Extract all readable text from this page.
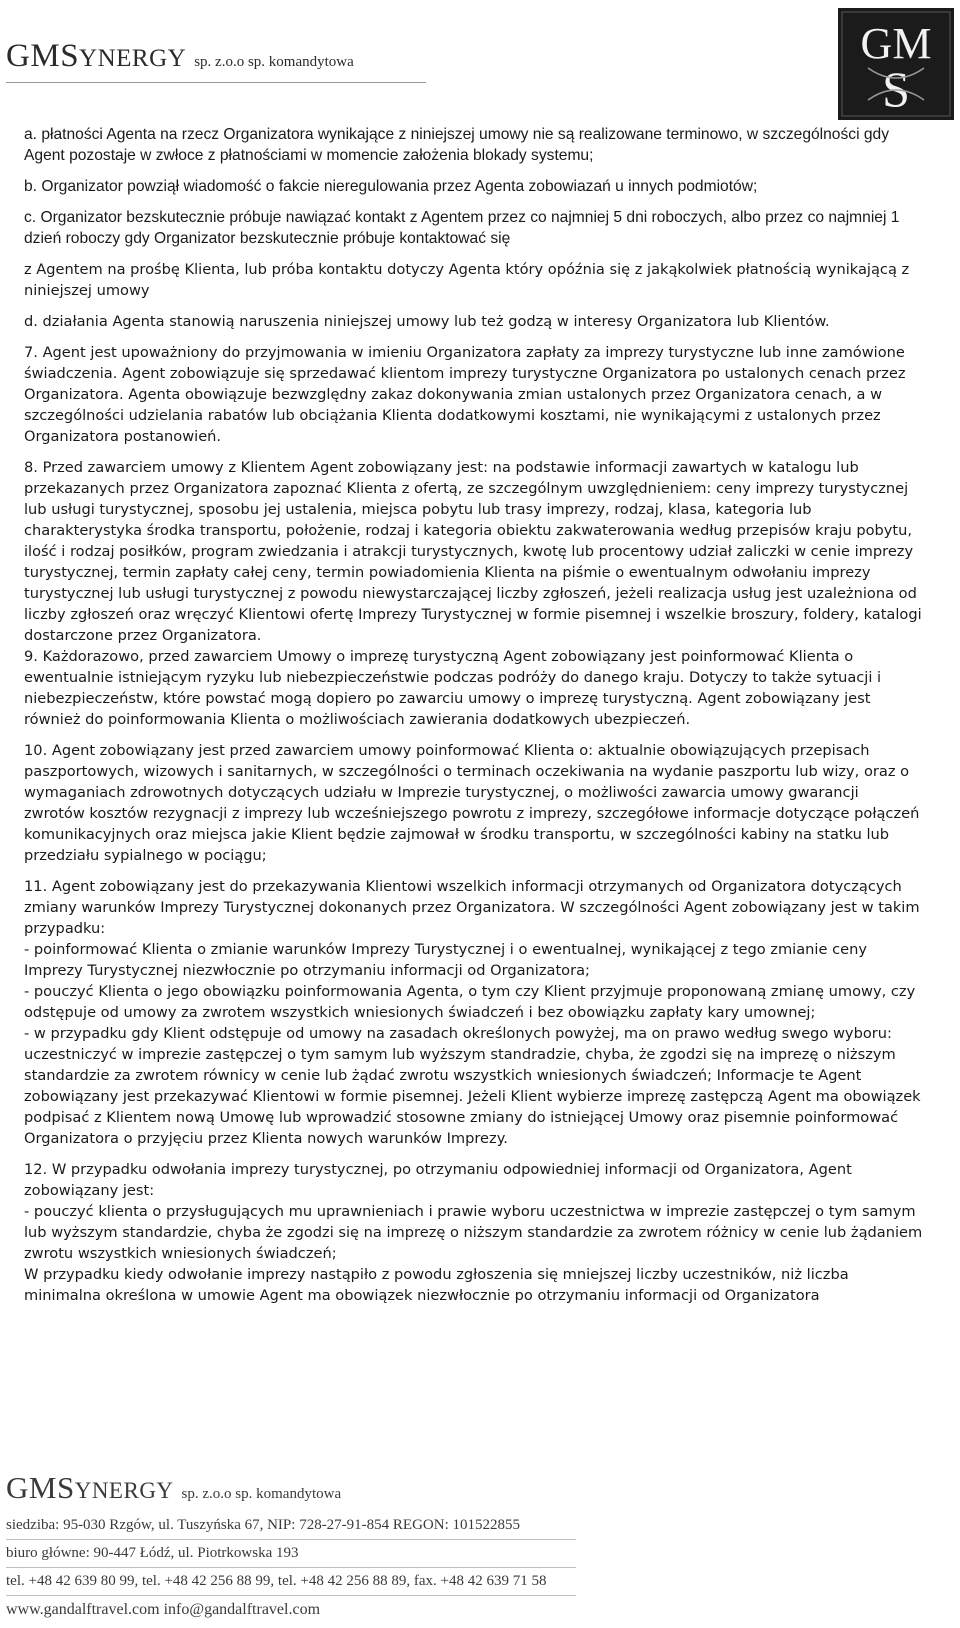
GMSYNERGY sp. z.o.o sp. komandytowa	GM
S

a. płatności Agenta na rzecz Organizatora wynikające z niniejszej umowy nie są realizowane terminowo, w szczególności gdy Agent pozostaje w zwłoce z płatnościami w momencie założenia blokady systemu;

b. Organizator powziął wiadomość o fakcie nieregulowania przez Agenta zobowiazań u innych podmiotów;

c. Organizator bezskutecznie próbuje nawiązać kontakt z Agentem przez co najmniej 5 dni roboczych, albo przez co najmniej 1 dzień roboczy gdy Organizator bezskutecznie próbuje kontaktować się

z Agentem na prośbę Klienta, lub próba kontaktu dotyczy Agenta który opóźnia się z jakąkolwiek płatnością wynikającą z niniejszej umowy

d. działania Agenta stanowią naruszenia niniejszej umowy lub też godzą w interesy Organizatora lub Klientów.

7. Agent jest upoważniony do przyjmowania w imieniu Organizatora zapłaty za imprezy turystyczne lub inne zamówione świadczenia. Agent zobowiązuje się sprzedawać klientom imprezy turystyczne Organizatora po ustalonych cenach przez Organizatora. Agenta obowiązuje bezwzględny zakaz dokonywania zmian ustalonych przez Organizatora cenach, a w szczególności udzielania rabatów lub obciążania Klienta dodatkowymi kosztami, nie wynikającymi z ustalonych przez Organizatora postanowień.

8. Przed zawarciem umowy z Klientem Agent zobowiązany jest: na podstawie informacji zawartych w katalogu lub przekazanych przez Organizatora zapoznać Klienta z ofertą, ze szczególnym uwzględnieniem: ceny imprezy turystycznej lub usługi turystycznej, sposobu jej ustalenia, miejsca pobytu lub trasy imprezy, rodzaj, klasa, kategoria lub charakterystyka środka transportu, położenie, rodzaj i kategoria obiektu zakwaterowania według przepisów kraju pobytu, ilość i rodzaj posiłków, program zwiedzania i atrakcji turystycznych, kwotę lub procentowy udział zaliczki w cenie imprezy turystycznej, termin zapłaty całej ceny, termin powiadomienia Klienta na piśmie o ewentualnym odwołaniu imprezy turystycznej lub usługi turystycznej z powodu niewystarczającej liczby zgłoszeń, jeżeli realizacja usług jest uzależniona od liczby zgłoszeń oraz wręczyć Klientowi ofertę Imprezy Turystycznej w formie pisemnej i wszelkie broszury, foldery, katalogi dostarczone przez Organizatora.

9. Każdorazowo, przed zawarciem Umowy o imprezę turystyczną Agent zobowiązany jest poinformować Klienta o ewentualnie istniejącym ryzyku lub niebezpieczeństwie podczas podróży do danego kraju. Dotyczy to także sytuacji i niebezpieczeństw, które powstać mogą dopiero po zawarciu umowy o imprezę turystyczną. Agent zobowiązany jest również do poinformowania Klienta o możliwościach zawierania dodatkowych ubezpieczeń.

10. Agent zobowiązany jest przed zawarciem umowy poinformować Klienta o: aktualnie obowiązujących przepisach paszportowych, wizowych i sanitarnych, w szczególności o terminach oczekiwania na wydanie paszportu lub wizy, oraz o wymaganiach zdrowotnych dotyczących udziału w Imprezie turystycznej, o możliwości zawarcia umowy gwarancji zwrotów kosztów rezygnacji z imprezy lub wcześniejszego powrotu z imprezy, szczegółowe informacje dotyczące połączeń komunikacyjnych oraz miejsca jakie Klient będzie zajmował w środku transportu, w szczególności kabiny na statku lub przedziału sypialnego w pociągu;

11. Agent zobowiązany jest do przekazywania Klientowi wszelkich informacji otrzymanych od Organizatora dotyczących zmiany warunków Imprezy Turystycznej dokonanych przez Organizatora. W szczególności Agent zobowiązany jest w takim przypadku:

- poinformować Klienta o zmianie warunków Imprezy Turystycznej i o ewentualnej, wynikającej z tego zmianie ceny Imprezy Turystycznej niezwłocznie po otrzymaniu informacji od Organizatora;

- pouczyć Klienta o jego obowiązku poinformowania Agenta, o tym czy Klient przyjmuje proponowaną zmianę umowy, czy odstępuje od umowy za zwrotem wszystkich wniesionych świadczeń i bez obowiązku zapłaty kary umownej;

- w przypadku gdy Klient odstępuje od umowy na zasadach określonych powyżej, ma on prawo według swego wyboru: uczestniczyć w imprezie zastępczej o tym samym lub wyższym standradzie, chyba, że zgodzi się na imprezę o niższym standardzie za zwrotem równicy w cenie lub żądać zwrotu wszystkich wniesionych świadczeń; Informacje te Agent zobowiązany jest przekazywać Klientowi w formie pisemnej. Jeżeli Klient wybierze imprezę zastępczą Agent ma obowiązek podpisać z Klientem nową Umowę lub wprowadzić stosowne zmiany do istniejącej Umowy oraz pisemnie poinformować Organizatora o przyjęciu przez Klienta nowych warunków Imprezy.

12. W przypadku odwołania imprezy turystycznej, po otrzymaniu odpowiedniej informacji od Organizatora, Agent zobowiązany jest:

- pouczyć klienta o przysługujących mu uprawnieniach i prawie wyboru uczestnictwa w imprezie zastępczej o tym samym lub wyższym standardzie, chyba że zgodzi się na imprezę o niższym standardzie za zwrotem różnicy w cenie lub żądaniem zwrotu wszystkich wniesionych świadczeń;

W przypadku kiedy odwołanie imprezy nastąpiło z powodu zgłoszenia się mniejszej liczby uczestników, niż liczba minimalna określona w umowie Agent ma obowiązek niezwłocznie po otrzymaniu informacji od Organizatora

GMSYNERGY sp. z.o.o sp. komandytowa
siedziba: 95-030 Rzgów, ul. Tuszyńska 67, NIP: 728-27-91-854 REGON: 101522855
biuro główne: 90-447 Łódź, ul. Piotrkowska 193
tel. +48 42 639 80 99, tel. +48 42 256 88 99, tel. +48 42 256 88 89, fax. +48 42 639 71 58
www.gandalftravel.com info@gandalftravel.com
